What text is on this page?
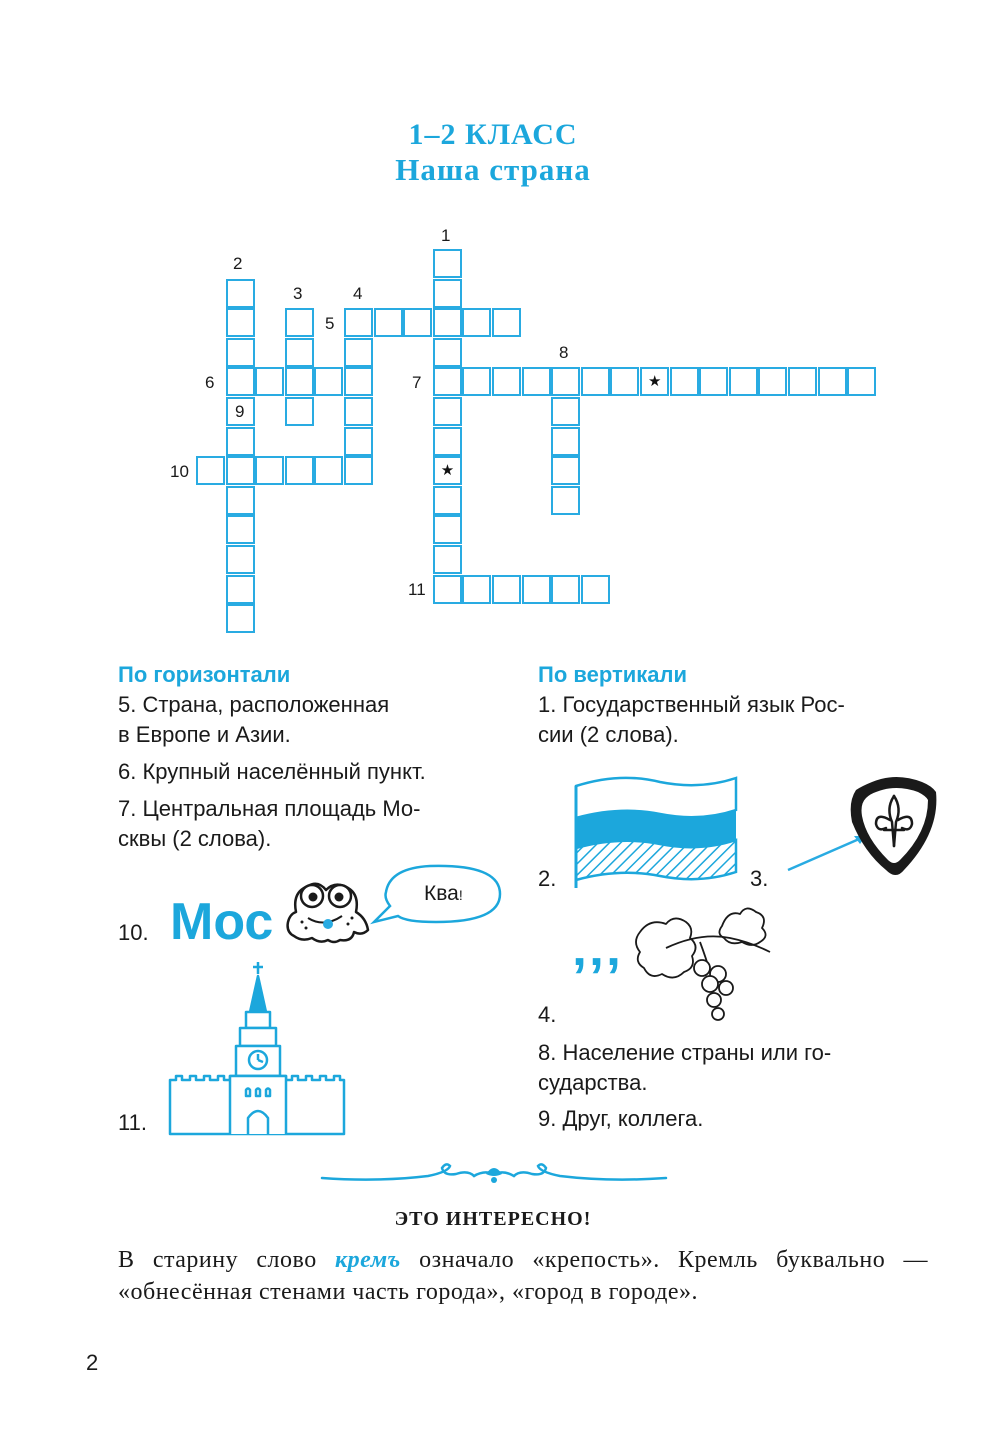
1–2 КЛАСС
Наша страна
★
★
1
2
3	4
5
6	7
8
9
10
11
По горизонтали
5. Страна, расположенная
в Европе и Азии.
6. Крупный населённый пункт.
7. Центральная площадь Мо-
сквы (2 слова).
10. Мос	Ква!
11.
По вертикали
1. Государственный язык Рос-
сии (2 слова).
2.	3.
4.
’’’
8. Население страны или го-
сударства.
9. Друг, коллега.
ЭТО ИНТЕРЕСНО!
В старину слово кремъ означало «крепость». Кремль буквально — «обнесённая стенами часть города», «город в городе».
2
